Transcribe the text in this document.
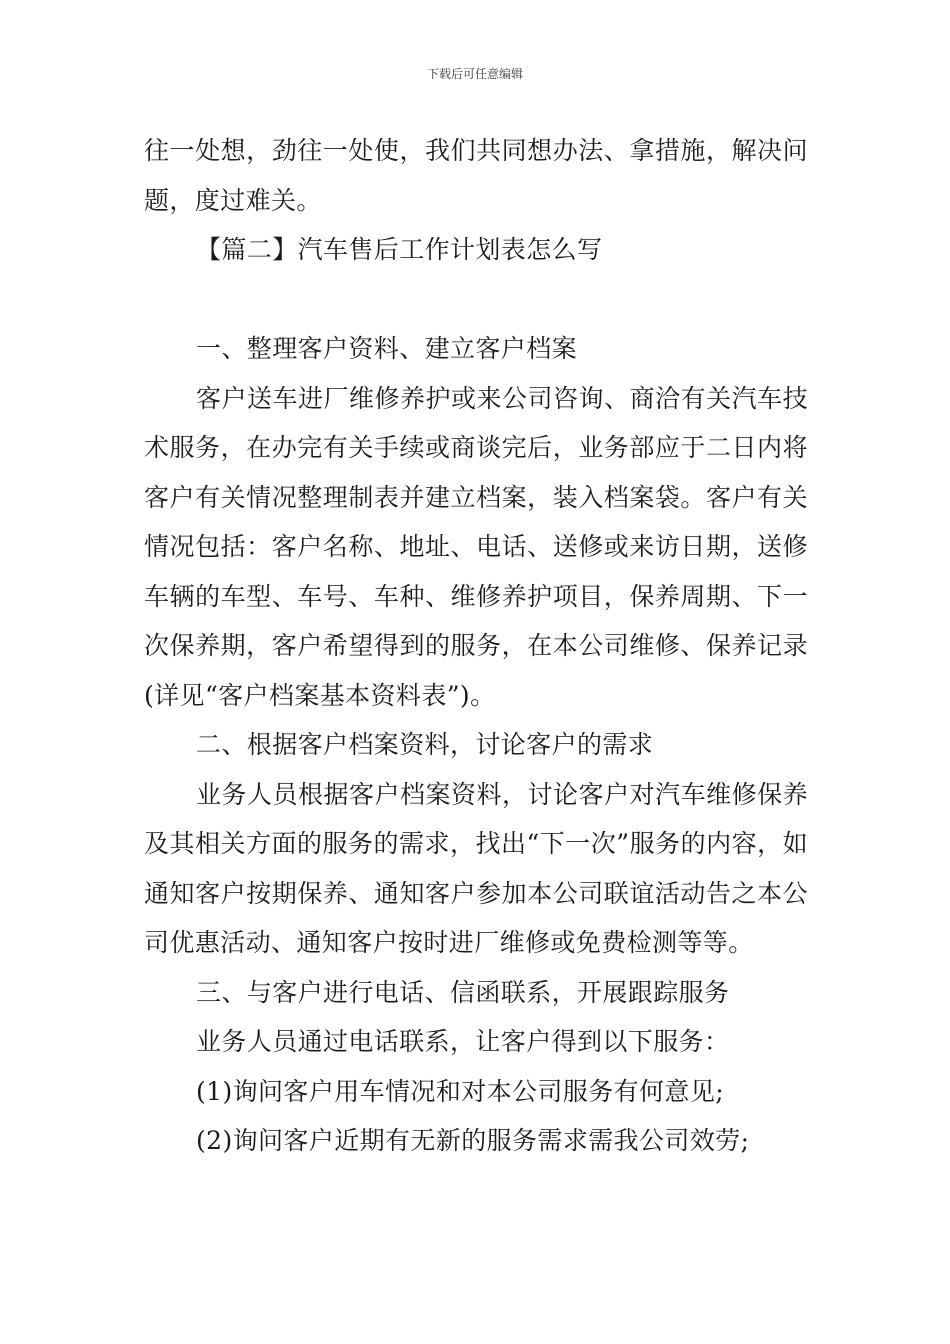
下载后可任意编辑

往一处想，劲往一处使，我们共同想办法、拿措施，解决问题，度过难关。

【篇二】汽车售后工作计划表怎么写

一、整理客户资料、建立客户档案

客户送车进厂维修养护或来公司咨询、商洽有关汽车技术服务，在办完有关手续或商谈完后，业务部应于二日内将客户有关情况整理制表并建立档案，装入档案袋。客户有关情况包括：客户名称、地址、电话、送修或来访日期，送修车辆的车型、车号、车种、维修养护项目，保养周期、下一次保养期，客户希望得到的服务，在本公司维修、保养记录(详见“客户档案基本资料表”)。

二、根据客户档案资料，讨论客户的需求

业务人员根据客户档案资料，讨论客户对汽车维修保养及其相关方面的服务的需求，找出“下一次”服务的内容，如通知客户按期保养、通知客户参加本公司联谊活动告之本公司优惠活动、通知客户按时进厂维修或免费检测等等。

三、与客户进行电话、信函联系，开展跟踪服务

业务人员通过电话联系，让客户得到以下服务：

(1)询问客户用车情况和对本公司服务有何意见;

(2)询问客户近期有无新的服务需求需我公司效劳;
